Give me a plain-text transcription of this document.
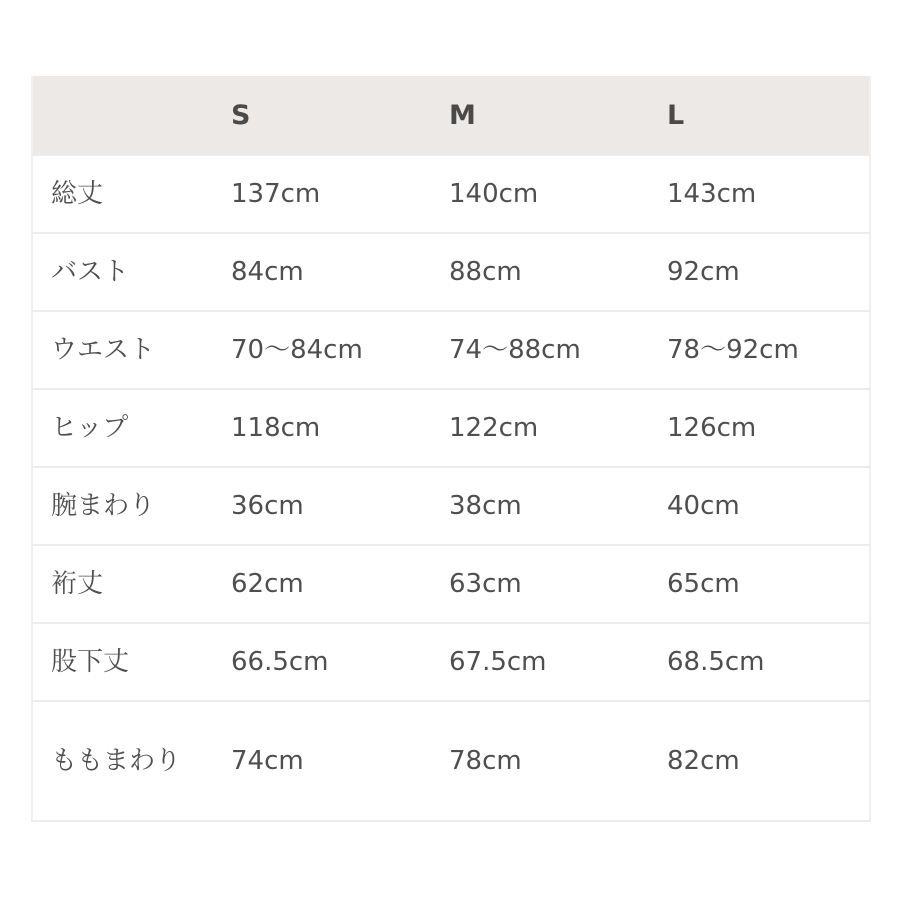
	S	M	L
総丈	137cm	140cm	143cm
バスト	84cm	88cm	92cm
ウエスト	70〜84cm	74〜88cm	78〜92cm
ヒップ	118cm	122cm	126cm
腕まわり	36cm	38cm	40cm
裄丈	62cm	63cm	65cm
股下丈	66.5cm	67.5cm	68.5cm
ももまわり	74cm	78cm	82cm
